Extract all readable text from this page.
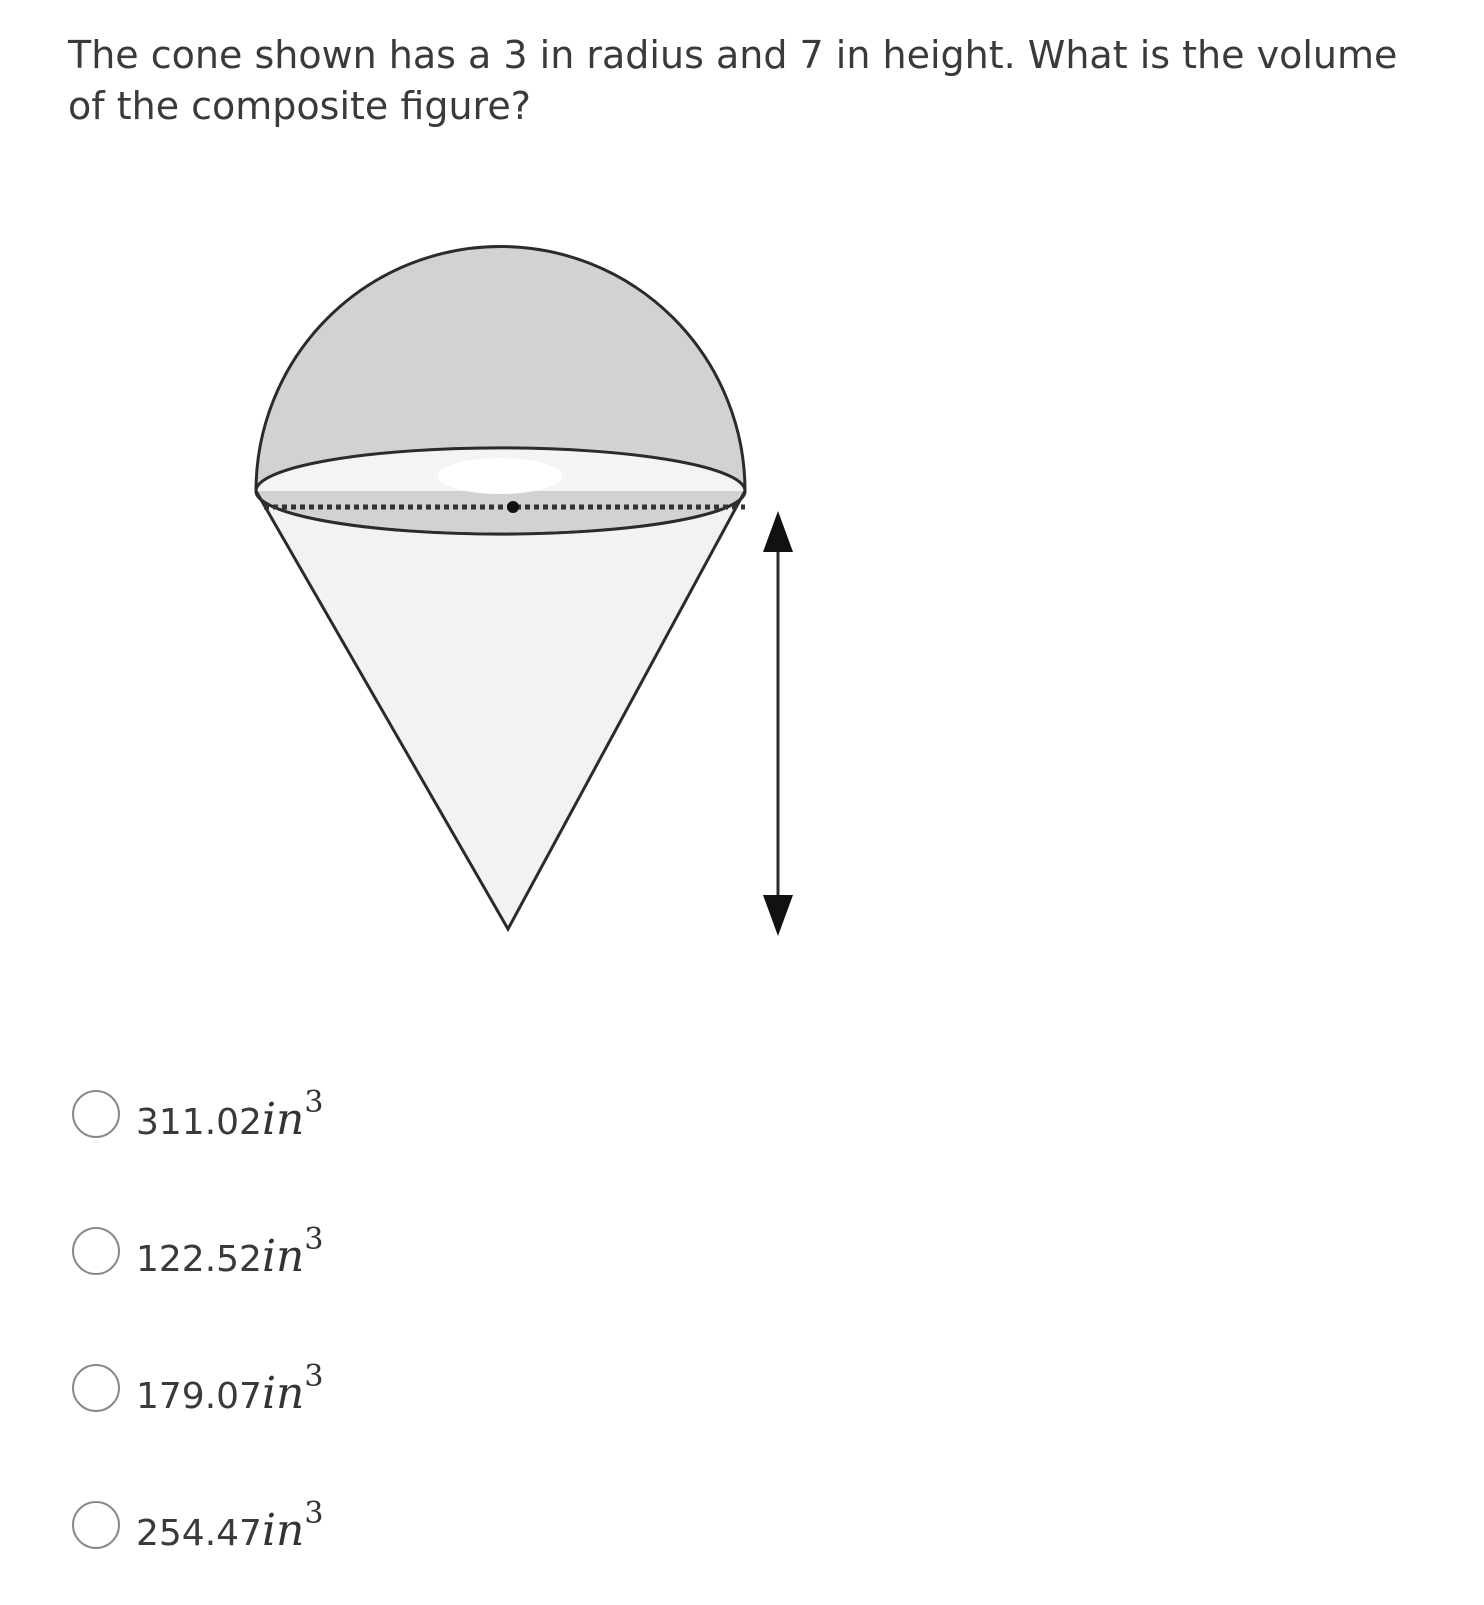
The cone shown has a 3 in radius and 7 in height. What is the volume of the composite figure?

311.02in3
122.52in3
179.07in3
254.47in3
